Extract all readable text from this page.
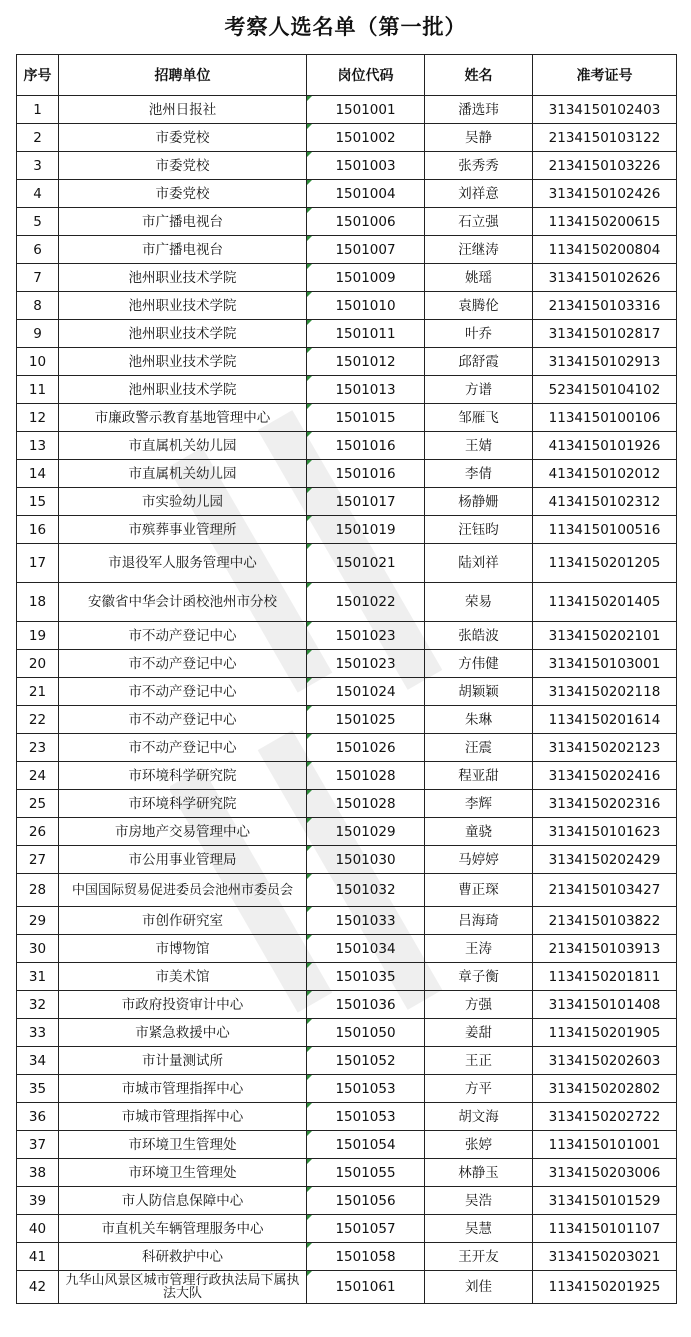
考察人选名单（第一批）
序号	招聘单位	岗位代码	姓名	准考证号
1	池州日报社	1501001	潘选玮	3134150102403
2	市委党校	1501002	吴静	2134150103122
3	市委党校	1501003	张秀秀	2134150103226
4	市委党校	1501004	刘祥意	3134150102426
5	市广播电视台	1501006	石立强	1134150200615
6	市广播电视台	1501007	汪继涛	1134150200804
7	池州职业技术学院	1501009	姚瑶	3134150102626
8	池州职业技术学院	1501010	袁腾伦	2134150103316
9	池州职业技术学院	1501011	叶乔	3134150102817
10	池州职业技术学院	1501012	邱舒霞	3134150102913
11	池州职业技术学院	1501013	方谱	5234150104102
12	市廉政警示教育基地管理中心	1501015	邹雁飞	1134150100106
13	市直属机关幼儿园	1501016	王婧	4134150101926
14	市直属机关幼儿园	1501016	李倩	4134150102012
15	市实验幼儿园	1501017	杨静姗	4134150102312
16	市殡葬事业管理所	1501019	汪钰昀	1134150100516
17	市退役军人服务管理中心	1501021	陆刘祥	1134150201205
18	安徽省中华会计函校池州市分校	1501022	荣易	1134150201405
19	市不动产登记中心	1501023	张皓波	3134150202101
20	市不动产登记中心	1501023	方伟健	3134150103001
21	市不动产登记中心	1501024	胡颖颖	3134150202118
22	市不动产登记中心	1501025	朱琳	1134150201614
23	市不动产登记中心	1501026	汪震	3134150202123
24	市环境科学研究院	1501028	程亚甜	3134150202416
25	市环境科学研究院	1501028	李辉	3134150202316
26	市房地产交易管理中心	1501029	童骁	3134150101623
27	市公用事业管理局	1501030	马婷婷	3134150202429
28	中国国际贸易促进委员会池州市委员会	1501032	曹正琛	2134150103427
29	市创作研究室	1501033	吕海琦	2134150103822
30	市博物馆	1501034	王涛	2134150103913
31	市美术馆	1501035	章子衡	1134150201811
32	市政府投资审计中心	1501036	方强	3134150101408
33	市紧急救援中心	1501050	姜甜	1134150201905
34	市计量测试所	1501052	王正	3134150202603
35	市城市管理指挥中心	1501053	方平	3134150202802
36	市城市管理指挥中心	1501053	胡文海	3134150202722
37	市环境卫生管理处	1501054	张婷	1134150101001
38	市环境卫生管理处	1501055	林静玉	3134150203006
39	市人防信息保障中心	1501056	吴浩	3134150101529
40	市直机关车辆管理服务中心	1501057	吴慧	1134150101107
41	科研救护中心	1501058	王开友	3134150203021
42	九华山风景区城市管理行政执法局下属执法大队	1501061	刘佳	1134150201925
